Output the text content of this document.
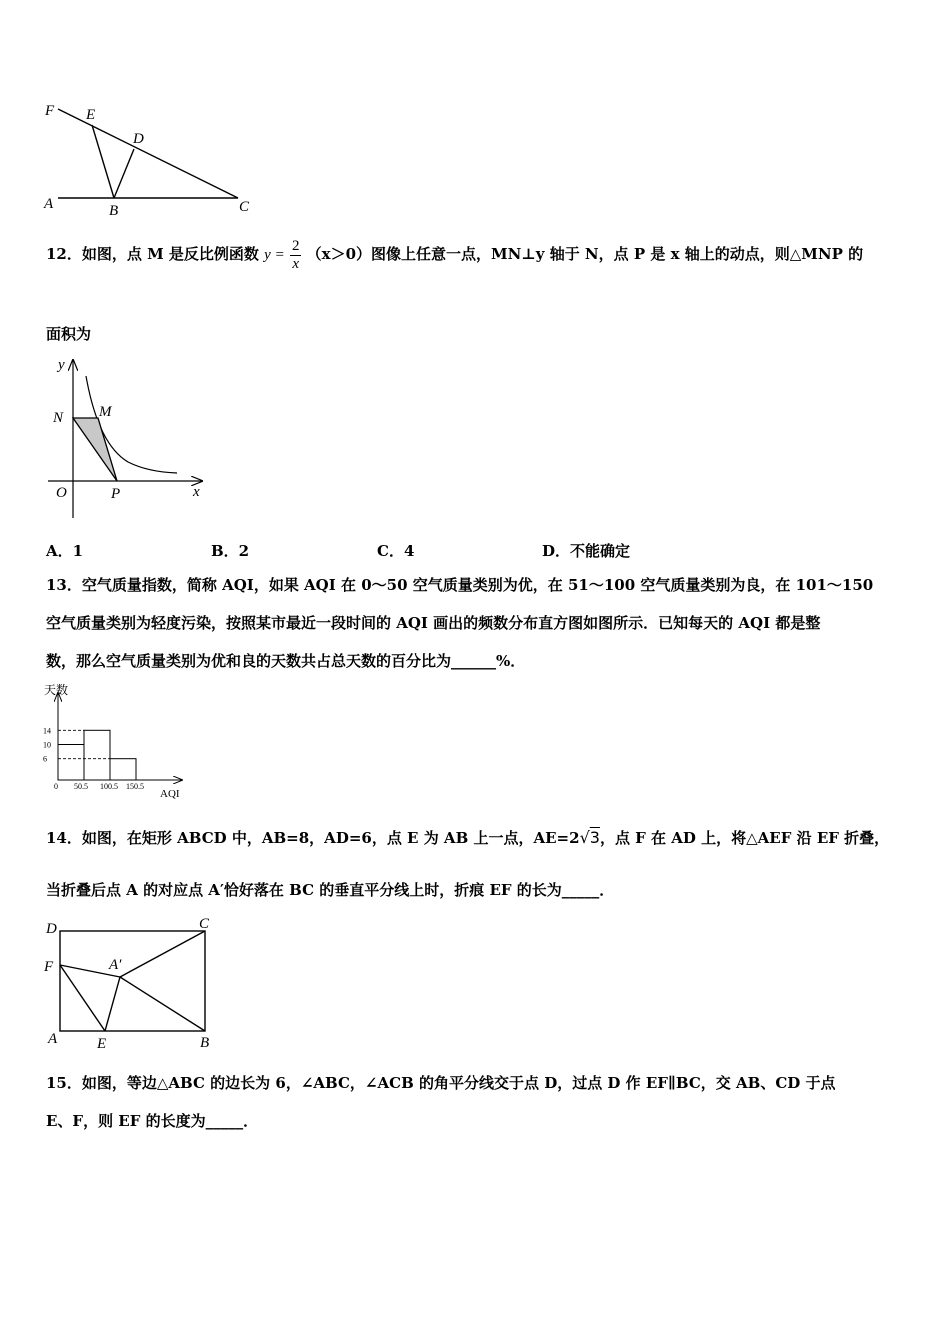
F E
D
A	B	C
12．如图，点 M 是反比例函数 $y = \frac{2}{x} (x>0)$图像上任意一点，MN⊥y 轴于 N，点 P 是 x 轴上的动点，则△MNP 的
面积为
y
N M
O	P	x
A．1	B．2	C．4	D．不能确定
13．空气质量指数，简称 AQI，如果 AQI 在 0～50 空气质量类别为优，在 51～100 空气质量类别为良，在 101～150
空气质量类别为轻度污染，按照某市最近一段时间的 AQI 画出的频数分布直方图如图所示．已知每天的 AQI 都是整
数，那么空气质量类别为优和良的天数共占总天数的百分比为______%．
天数
AQI
14
10
6
0 50.5 100.5 150.5
14．如图，在矩形 ABCD 中，AB=8，AD=6，点 E 为 AB 上一点，AE=2√3，点 F 在 AD 上，将△AEF 沿 EF 折叠，
当折叠后点 A 的对应点 A′恰好落在 BC 的垂直平分线上时，折痕 EF 的长为_____．
D	C
F	A′
A	E	B
15．如图，等边△ABC 的边长为 6，∠ABC，∠ACB 的角平分线交于点 D，过点 D 作 EF∥BC，交 AB、CD 于点
E、F，则 EF 的长度为_____．
